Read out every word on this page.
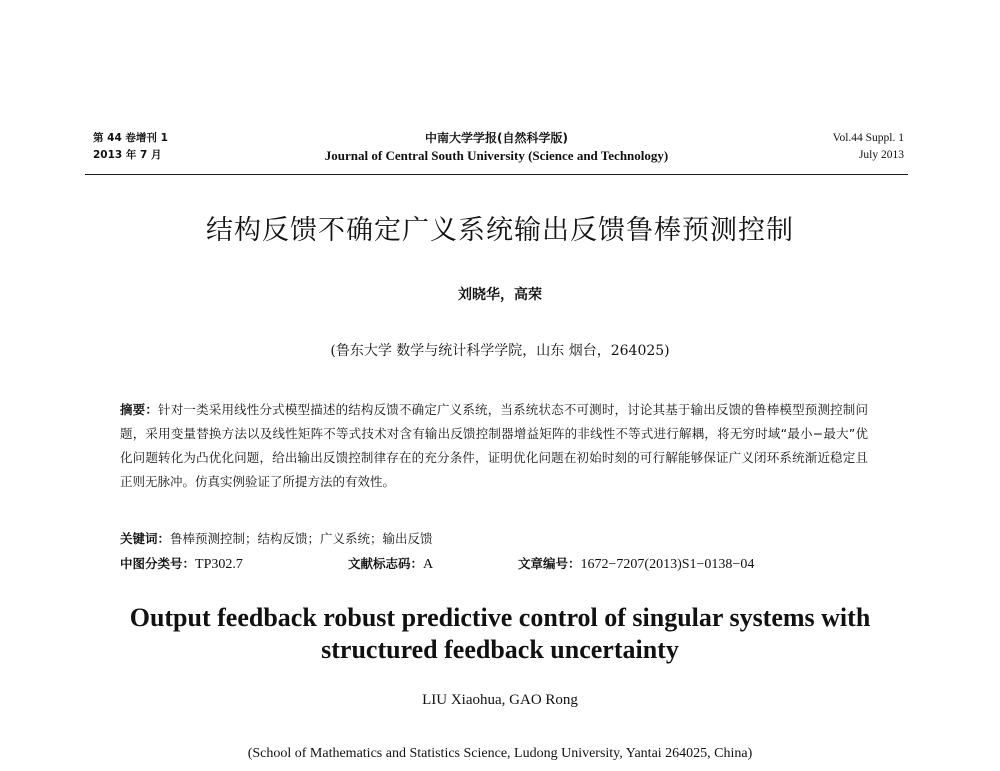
第 44 卷增刊 1
2013 年 7 月
中南大学学报(自然科学版)
Journal of Central South University (Science and Technology)
Vol.44 Suppl. 1
July 2013
结构反馈不确定广义系统输出反馈鲁棒预测控制
刘晓华，高荣
(鲁东大学 数学与统计科学学院，山东 烟台，264025)
摘要：针对一类采用线性分式模型描述的结构反馈不确定广义系统，当系统状态不可测时，讨论其基于输出反馈的鲁棒模型预测控制问题，采用变量替换方法以及线性矩阵不等式技术对含有输出反馈控制器增益矩阵的非线性不等式进行解耦，将无穷时域“最小−最大”优化问题转化为凸优化问题，给出输出反馈控制律存在的充分条件，证明优化问题在初始时刻的可行解能够保证广义闭环系统渐近稳定且正则无脉冲。仿真实例验证了所提方法的有效性。
关键词：鲁棒预测控制；结构反馈；广义系统；输出反馈
中图分类号：TP302.7	文献标志码：A	文章编号：1672−7207(2013)S1−0138−04
Output feedback robust predictive control of singular systems with
structured feedback uncertainty
LIU Xiaohua, GAO Rong
(School of Mathematics and Statistics Science, Ludong University, Yantai 264025, China)
